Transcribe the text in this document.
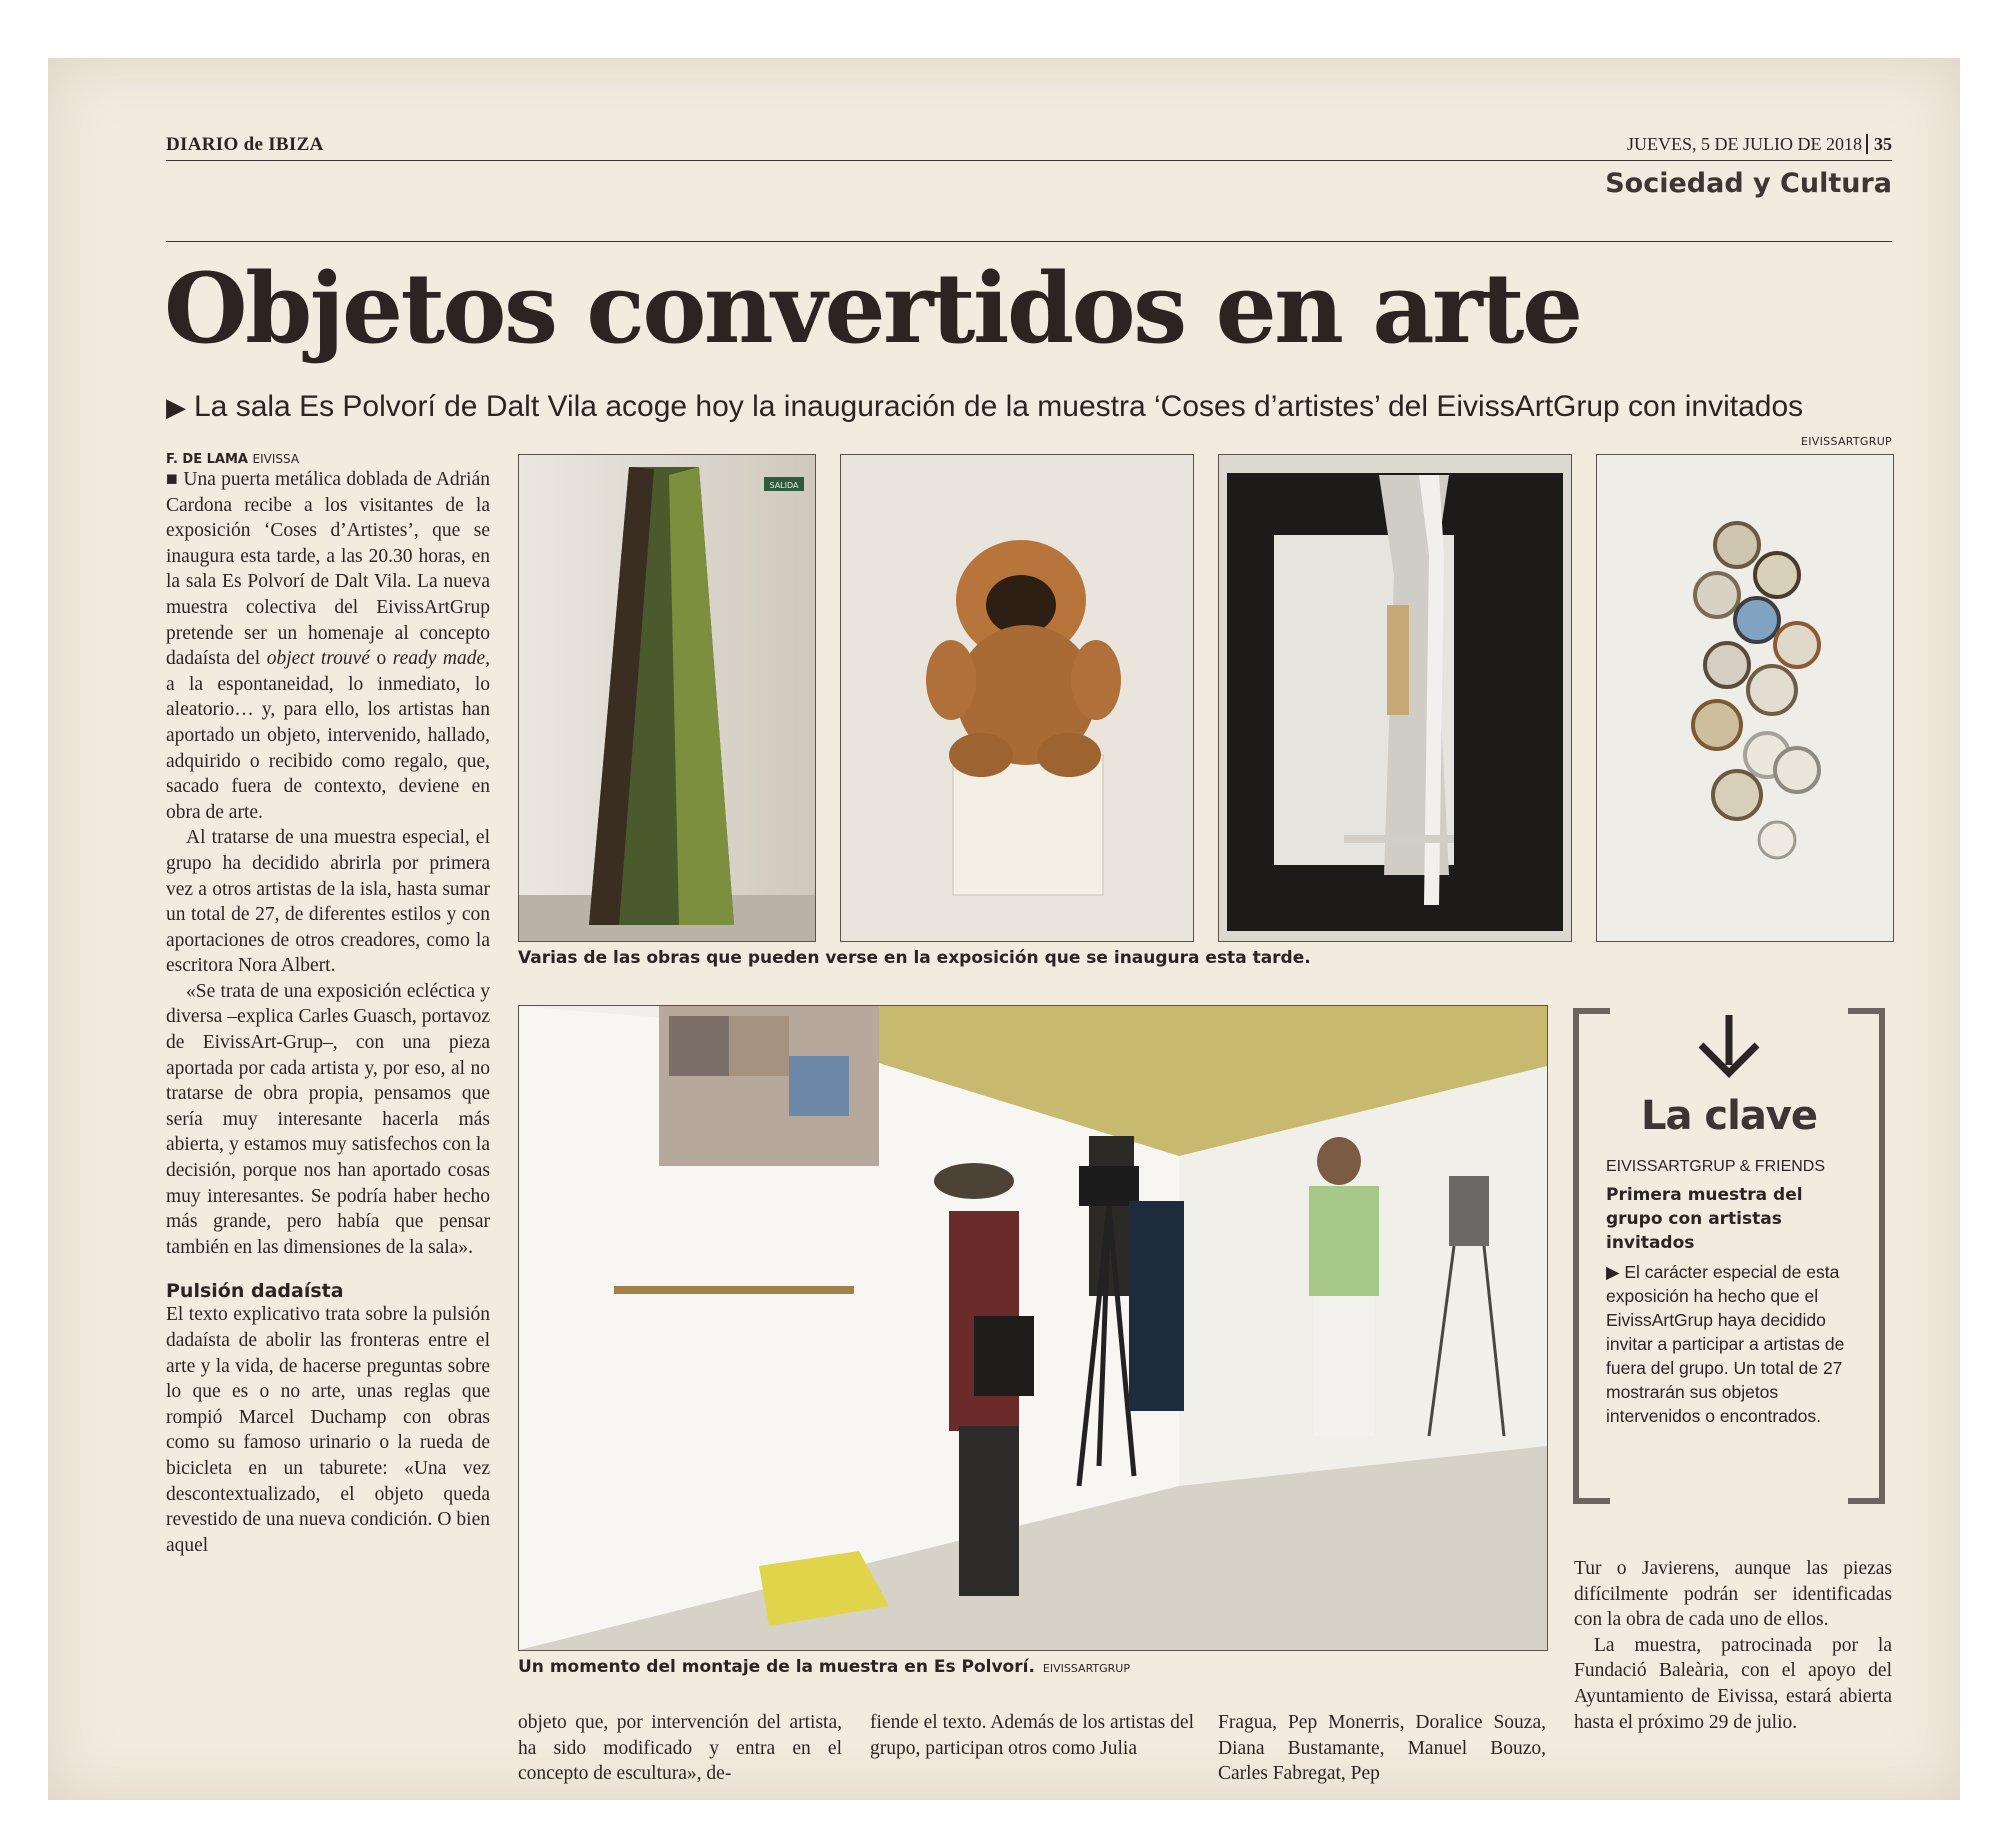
DIARIO de IBIZA	JUEVES, 5 DE JULIO DE 2018 35
Sociedad y Cultura
Objetos convertidos en arte
▶ La sala Es Polvorí de Dalt Vila acoge hoy la inauguración de la muestra ‘Coses d’artistes’ del EivissArtGrup con invitados
EIVISSARTGRUP
F. DE LAMA EIVISSA

■ Una puerta metálica doblada de Adrián Cardona recibe a los visitantes de la exposición ‘Coses d’Artistes’, que se inaugura esta tarde, a las 20.30 horas, en la sala Es Polvorí de Dalt Vila. La nueva muestra colectiva del EivissArtGrup pretende ser un homenaje al concepto dadaísta del object trouvé o ready made, a la espontaneidad, lo inmediato, lo aleatorio… y, para ello, los artistas han aportado un objeto, intervenido, hallado, adquirido o recibido como regalo, que, sacado fuera de contexto, deviene en obra de arte.

Al tratarse de una muestra especial, el grupo ha decidido abrirla por primera vez a otros artistas de la isla, hasta sumar un total de 27, de diferentes estilos y con aportaciones de otros creadores, como la escritora Nora Albert.

«Se trata de una exposición ecléctica y diversa –explica Carles Guasch, portavoz de EivissArt-Grup–, con una pieza aportada por cada artista y, por eso, al no tratarse de obra propia, pensamos que sería muy interesante hacerla más abierta, y estamos muy satisfechos con la decisión, porque nos han aportado cosas muy interesantes. Se podría haber hecho más grande, pero había que pensar también en las dimensiones de la sala».

Pulsión dadaísta

El texto explicativo trata sobre la pulsión dadaísta de abolir las fronteras entre el arte y la vida, de hacerse preguntas sobre lo que es o no arte, unas reglas que rompió Marcel Duchamp con obras como su famoso urinario o la rueda de bicicleta en un taburete: «Una vez descontextualizado, el objeto queda revestido de una nueva condición. O bien aquel

SALIDA
Varias de las obras que pueden verse en la exposición que se inaugura esta tarde.
Un momento del montaje de la muestra en Es Polvorí. EIVISSARTGRUP
La clave
EIVISSARTGRUP & FRIENDS
Primera muestra del grupo con artistas invitados
▶ El carácter especial de esta exposición ha hecho que el EivissArtGrup haya decidido invitar a participar a artistas de fuera del grupo. Un total de 27 mostrarán sus objetos intervenidos o encontrados.
objeto que, por intervención del artista, ha sido modificado y entra en el concepto de escultura», de-
fiende el texto. Además de los artistas del grupo, participan otros como Julia
Fragua, Pep Monerris, Doralice Souza, Diana Bustamante, Manuel Bouzo, Carles Fabregat, Pep

Tur o Javierens, aunque las piezas difícilmente podrán ser identificadas con la obra de cada uno de ellos.

La muestra, patrocinada por la Fundació Baleària, con el apoyo del Ayuntamiento de Eivissa, estará abierta hasta el próximo 29 de julio.
